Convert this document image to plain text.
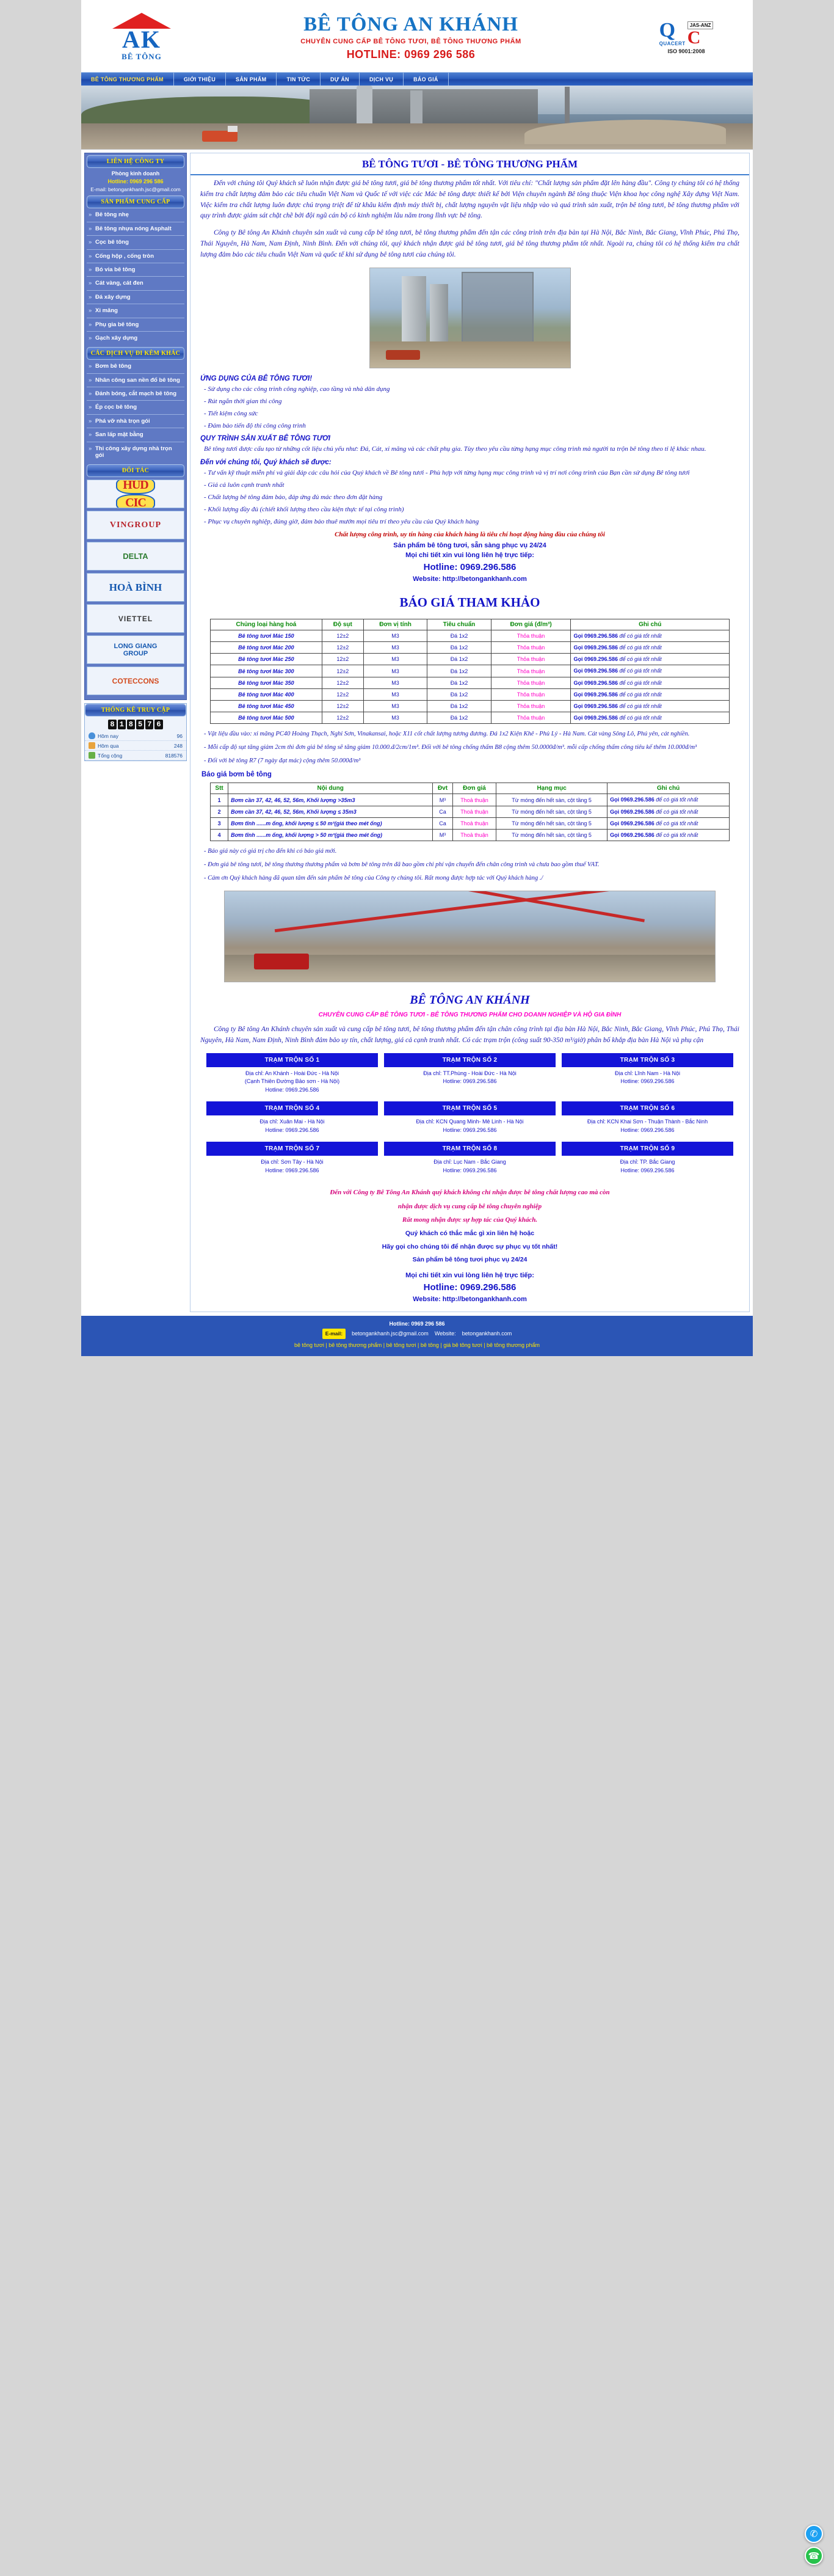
AK
BÊ TÔNG
BÊ TÔNG AN KHÁNH
CHUYÊN CUNG CẤP BÊ TÔNG TƯƠI, BÊ TÔNG THƯƠNG PHẨM
HOTLINE: 0969 296 586
Q
QUACERT
JAS-ANZ
C
ISO 9001:2008
BÊ TÔNG THƯƠNG PHẨM	GIỚI THIỆU	SẢN PHẨM	TIN TỨC	DỰ ÁN	DỊCH VỤ	BÁO GIÁ
LIÊN HỆ CÔNG TY
Phòng kinh doanh
Hotline: 0969 296 586
E-mail: betongankhanh.jsc@gmail.com
SẢN PHẨM CUNG CẤP
» Bê tông nhẹ
» Bê tông nhựa nóng Asphalt
» Cọc bê tông
» Cống hộp , cống tròn
» Bó vỉa bê tông
» Cát vàng, cát đen
» Đá xây dựng
» Xi măng
» Phụ gia bê tông
» Gạch xây dựng
CÁC DỊCH VỤ ĐI KÈM KHÁC
» Bơm bê tông
» Nhân công san nền đổ bê tông
» Đánh bóng, cắt mạch bê tông
» Ép cọc bê tông
» Phá vỡ nhà trọn gói
» San lấp mặt bằng
» Thi công xây dựng nhà trọn gói
ĐỐI TÁC
HUD
CIC
VINGROUP
DELTA
HOÀ BÌNH
VIETTEL
LONG GIANG
GROUP
COTECCONS
THỐNG KÊ TRUY CẬP
8 1 8 5 7 6
Hôm nay	96
Hôm qua	248
Tổng cộng	818576
BÊ TÔNG TƯƠI - BÊ TÔNG THƯƠNG PHẨM
Đến với chúng tôi Quý khách sẽ luôn nhận được giá bê tông tươi, giá bê tông thương phẩm tốt nhất. Với tiêu chí: "Chất lượng sản phẩm đặt lên hàng đầu". Công ty chúng tôi có hệ thống kiểm tra chất lượng đảm bảo các tiêu chuẩn Việt Nam và Quốc tế với việc các Mác bê tông được thiết kế bởi Viện chuyên ngành Bê tông thuộc Viện khoa học công nghệ Xây dựng Việt Nam. Việc kiểm tra chất lượng luôn được chú trọng triệt để từ khâu kiểm định máy thiết bị, chất lượng nguyên vật liệu nhập vào và quá trình sản xuất, trộn bê tông tươi, bê tông thương phẩm với quy trình được giám sát chặt chẽ bởi đội ngũ cán bộ có kinh nghiệm lâu năm trong lĩnh vực bê tông.
Công ty Bê tông An Khánh chuyên sản xuất và cung cấp bê tông tươi, bê tông thương phẩm đến tận các công trình trên địa bàn tại Hà Nội, Bắc Ninh, Bắc Giang, Vĩnh Phúc, Phú Thọ, Thái Nguyên, Hà Nam, Nam Định, Ninh Bình. Đến với chúng tôi, quý khách nhận được giá bê tông tươi, giá bê tông thương phẩm tốt nhất. Ngoài ra, chúng tôi có hệ thống kiểm tra chất lượng đảm bảo các tiêu chuẩn Việt Nam và quốc tế khi sử dụng bê tông tươi của chúng tôi.
ỨNG DỤNG CỦA BÊ TÔNG TƯƠI!
- Sử dụng cho các công trình công nghiệp, cao tầng và nhà dân dụng
- Rút ngắn thời gian thi công
- Tiết kiệm công sức
- Đảm bảo tiến độ thi công công trình
QUY TRÌNH SẢN XUẤT BÊ TÔNG TƯƠI
Bê tông tươi được cấu tạo từ những cốt liệu chủ yếu như: Đá, Cát, xi măng và các chất phụ gia. Tùy theo yêu cầu từng hạng mục công trình mà người ta trộn bê tông theo tỉ lệ khác nhau.
Đến với chúng tôi, Quý khách sẽ được:
- Tư vấn kỹ thuật miễn phí và giải đáp các câu hỏi của Quý khách về Bê tông tươi - Phù hợp với từng hạng mục công trình và vị trí nơi công trình của Bạn cần sử dụng Bê tông tươi
- Giá cả luôn cạnh tranh nhất
- Chất lượng bê tông đảm bảo, đáp ứng đủ mác theo đơn đặt hàng
- Khối lượng đầy đủ (chiết khối lượng theo cầu kiện thực tế tại công trình)
- Phục vụ chuyên nghiệp, đúng giờ, đảm bảo thuê mướn mọi tiêu trí theo yêu cầu của Quý khách hàng
Chất lượng công trình, uy tín hàng của khách hàng là tiêu chí hoạt động hàng đầu của chúng tôi
Sản phẩm bê tông tươi, sẵn sàng phục vụ 24/24
Mọi chi tiết xin vui lòng liên hệ trực tiếp:
Hotline: 0969.296.586
Website: http://betongankhanh.com
BÁO GIÁ THAM KHẢO
Chủng loại hàng hoá	Độ sụt	Đơn vị tính	Tiêu chuẩn	Đơn giá (đ/m³)	Ghi chú
Bê tông tươi Mác 150	12±2	M3	Đá 1x2	Thỏa thuận	Gọi 0969.296.586 để có giá tốt nhất
Bê tông tươi Mác 200	12±2	M3	Đá 1x2	Thỏa thuận	Gọi 0969.296.586 để có giá tốt nhất
Bê tông tươi Mác 250	12±2	M3	Đá 1x2	Thỏa thuận	Gọi 0969.296.586 để có giá tốt nhất
Bê tông tươi Mác 300	12±2	M3	Đá 1x2	Thỏa thuận	Gọi 0969.296.586 để có giá tốt nhất
Bê tông tươi Mác 350	12±2	M3	Đá 1x2	Thỏa thuận	Gọi 0969.296.586 để có giá tốt nhất
Bê tông tươi Mác 400	12±2	M3	Đá 1x2	Thỏa thuận	Gọi 0969.296.586 để có giá tốt nhất
Bê tông tươi Mác 450	12±2	M3	Đá 1x2	Thỏa thuận	Gọi 0969.296.586 để có giá tốt nhất
Bê tông tươi Mác 500	12±2	M3	Đá 1x2	Thỏa thuận	Gọi 0969.296.586 để có giá tốt nhất
- Vật liệu đầu vào: xi măng PC40 Hoàng Thạch, Nghi Sơn, Vinakansai, hoặc X11 cốt chất lượng tương đương. Đá 1x2 Kiện Khê - Phủ Lý - Hà Nam. Cát vàng Sông Lô, Phú yên, cát nghiền.
- Mỗi cấp độ sụt tăng giảm 2cm thì đơn giá bê tông sẽ tăng giảm 10.000.đ/2cm/1m³. Đối với bê tông chống thấm B8 cộng thêm 50.0000đ/m³. mỗi cấp chống thấm công tiêu kế thêm 10.000đ/m³
- Đối với bê tông R7 (7 ngày đạt mác) cộng thêm 50.000đ/m³
Báo giá bơm bê tông
Stt	Nội dung	Đvt	Đơn giá	Hạng mục	Ghi chú
1	Bơm cần 37, 42, 46, 52, 56m, Khối lượng >35m3	M³	Thoả thuận	Từ móng đến hết sàn, cột tầng 5	Gọi 0969.296.586 để có giá tốt nhất
2	Bơm cần 37, 42, 46, 52, 56m, Khối lượng ≤ 35m3	Ca	Thoả thuận	Từ móng đến hết sàn, cột tầng 5	Gọi 0969.296.586 để có giá tốt nhất
3	Bơm tĩnh ......m ống, khối lượng ≤ 50 m³(giá theo mét ống)	Ca	Thoả thuận	Từ móng đến hết sàn, cột tầng 5	Gọi 0969.296.586 để có giá tốt nhất
4	Bơm tĩnh ......m ống, khối lượng > 50 m³(giá theo mét ống)	M³	Thoả thuận	Từ móng đến hết sàn, cột tầng 5	Gọi 0969.296.586 để có giá tốt nhất
- Báo giá này có giá trị cho đến khi có báo giá mới.
- Đơn giá bê tông tươi, bê tông thương thương phẩm và bơm bê tông trên đã bao gồm chi phí vận chuyển đến chân công trình và chưa bao gồm thuế VAT.
- Cảm ơn Quý khách hàng đã quan tâm đến sản phẩm bê tông của Công ty chúng tôi. Rất mong được hợp tác với Quý khách hàng ./
BÊ TÔNG AN KHÁNH
CHUYÊN CUNG CẤP BÊ TÔNG TƯƠI - BÊ TÔNG THƯƠNG PHẨM CHO DOANH NGHIỆP VÀ HỘ GIA ĐÌNH
Công ty Bê tông An Khánh chuyên sản xuất và cung cấp bê tông tươi, bê tông thương phẩm đến tận chân công trình tại địa bàn Hà Nội, Bắc Ninh, Bắc Giang, Vĩnh Phúc, Phú Thọ, Thái Nguyên, Hà Nam, Nam Định, Ninh Bình đảm bảo uy tín, chất lượng, giá cả cạnh tranh nhất. Có các trạm trộn (công suất 90-350 m³/giờ) phân bố khắp địa bàn Hà Nội và phụ cận
TRẠM TRỘN SỐ 1
Địa chỉ: An Khánh - Hoài Đức - Hà Nội
(Cạnh Thiên Đường Bảo sơn - Hà Nội)
Hotline: 0969.296.586
TRẠM TRỘN SỐ 2
Địa chỉ: TT.Phùng - Hoài Đức - Hà Nội
Hotline: 0969.296.586
TRẠM TRỘN SỐ 3
Địa chỉ: Lĩnh Nam - Hà Nội
Hotline: 0969.296.586
TRẠM TRỘN SỐ 4
Địa chỉ: Xuân Mai - Hà Nội
Hotline: 0969.296.586
TRẠM TRỘN SỐ 5
Địa chỉ: KCN Quang Minh- Mê Linh - Hà Nội
Hotline: 0969.296.586
TRẠM TRỘN SỐ 6
Địa chỉ: KCN Khai Sơn - Thuận Thành - Bắc Ninh
Hotline: 0969.296.586
TRẠM TRỘN SỐ 7
Địa chỉ: Sơn Tây - Hà Nội
Hotline: 0969.296.586
TRẠM TRỘN SỐ 8
Địa chỉ: Lục Nam - Bắc Giang
Hotline: 0969.296.586
TRẠM TRỘN SỐ 9
Địa chỉ: TP. Bắc Giang
Hotline: 0969.296.586
Đến với Công ty Bê Tông An Khánh quý khách không chỉ nhận được bê tông chất lượng cao mà còn
nhận được dịch vụ cung cấp bê tông chuyên nghiệp
Rất mong nhận được sự hợp tác của Quý khách.
Quý khách có thắc mắc gì xin liên hệ hoặc
Hãy gọi cho chúng tôi để nhận được sự phục vụ tốt nhất!
Sản phẩm bê tông tươi phục vụ 24/24
Mọi chi tiết xin vui lòng liên hệ trực tiếp:
Hotline: 0969.296.586
Website: http://betongankhanh.com
Hotline: 0969 296 586
E-mail:	betongankhanh.jsc@gmail.com Website: betongankhanh.com
bê tông tươi | bê tông thương phẩm | bê tông tươi | bê tông | giá bê tông tươi | bê tông thương phẩm
✆
☎
